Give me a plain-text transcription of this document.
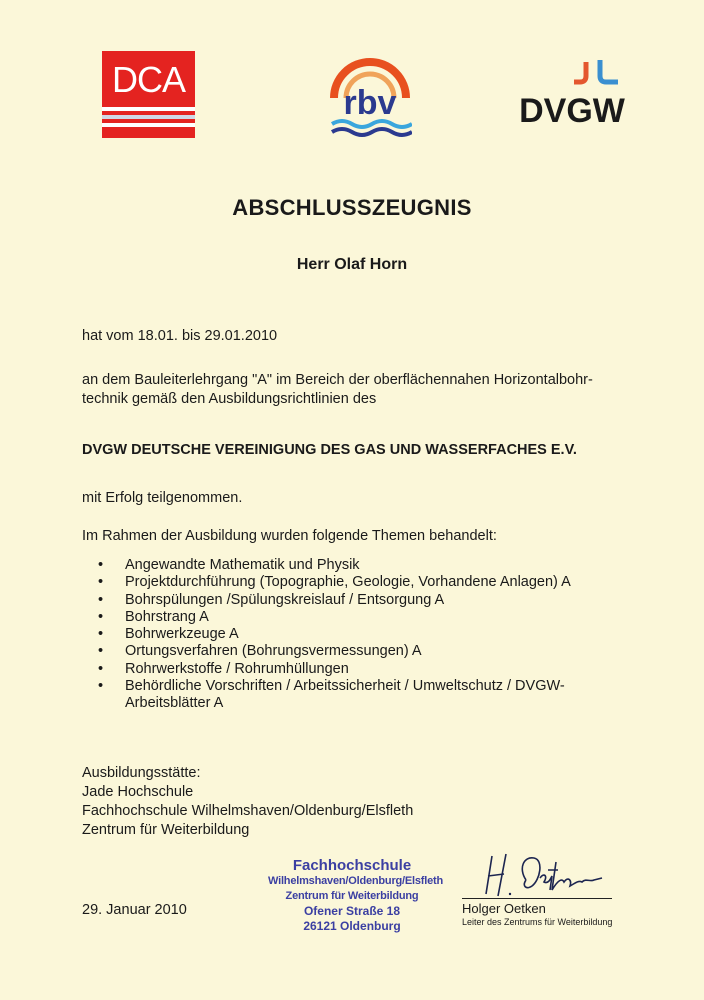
DCA
rbv	DVGW
ABSCHLUSSZEUGNIS
Herr Olaf Horn
hat vom 18.01. bis 29.01.2010
an dem Bauleiterlehrgang "A" im Bereich der oberflächennahen Horizontalbohr-
technik gemäß den Ausbildungsrichtlinien des
DVGW DEUTSCHE VEREINIGUNG DES GAS UND WASSERFACHES E.V.
mit Erfolg teilgenommen.
Im Rahmen der Ausbildung wurden folgende Themen behandelt:
• Angewandte Mathematik und Physik
• Projektdurchführung (Topographie, Geologie, Vorhandene Anlagen) A
• Bohrspülungen /Spülungskreislauf / Entsorgung A
• Bohrstrang A
• Bohrwerkzeuge A
• Ortungsverfahren (Bohrungsvermessungen) A
• Rohrwerkstoffe / Rohrumhüllungen
• Behördliche Vorschriften / Arbeitssicherheit / Umweltschutz / DVGW-
Arbeitsblätter A
Ausbildungsstätte:
Jade Hochschule
Fachhochschule Wilhelmshaven/Oldenburg/Elsfleth
Zentrum für Weiterbildung
29. Januar 2010
Fachhochschule
Wilhelmshaven/Oldenburg/Elsfleth
Zentrum für Weiterbildung
Ofener Straße 18
26121 Oldenburg
Holger Oetken
Leiter des Zentrums für Weiterbildung
